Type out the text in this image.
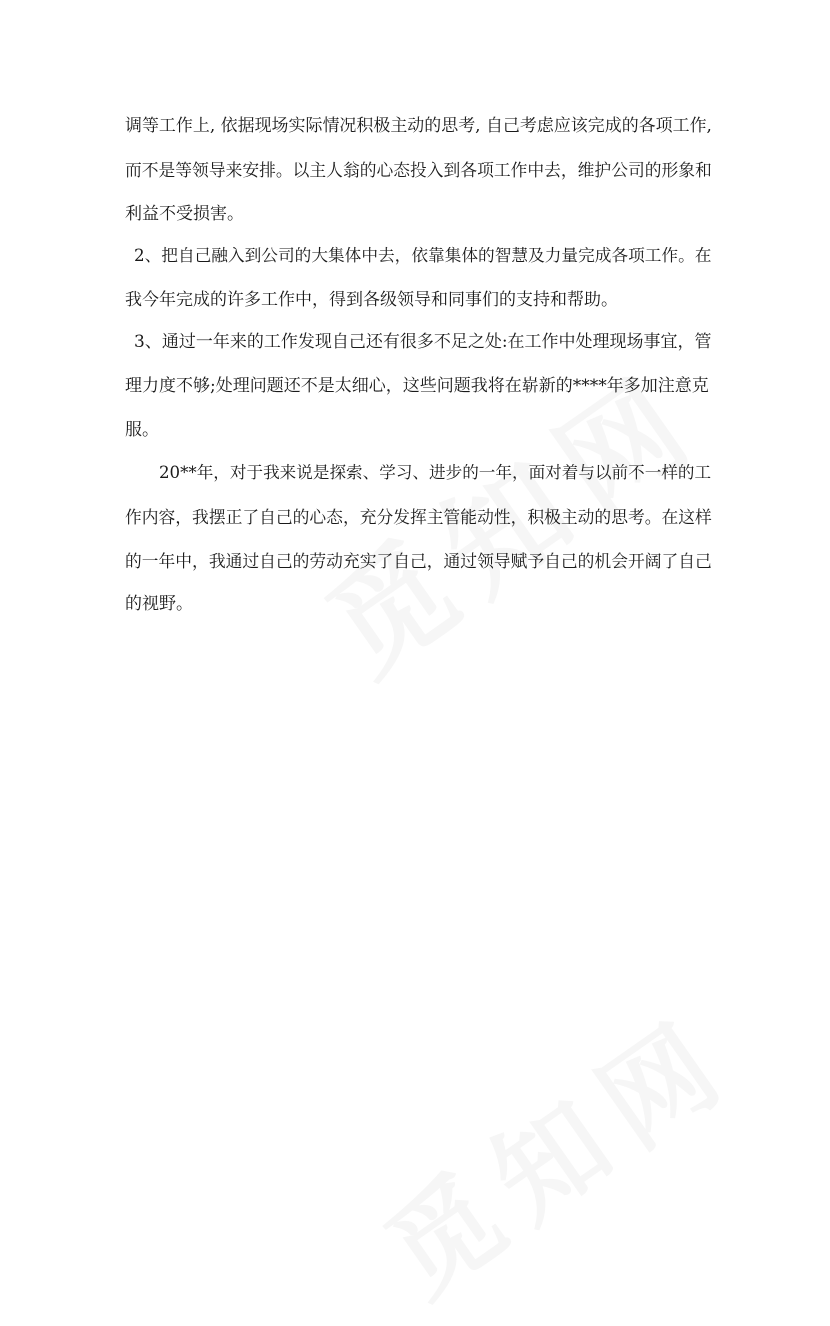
调等工作上, 依据现场实际情况积极主动的思考, 自己考虑应该完成的各项工作,
而不是等领导来安排。以主人翁的心态投入到各项工作中去，维护公司的形象和
利益不受损害。
2、把自己融入到公司的大集体中去，依靠集体的智慧及力量完成各项工作。在
我今年完成的许多工作中，得到各级领导和同事们的支持和帮助。
3、通过一年来的工作发现自己还有很多不足之处:在工作中处理现场事宜，管
理力度不够;处理问题还不是太细心，这些问题我将在崭新的****年多加注意克
服。
20**年，对于我来说是探索、学习、进步的一年，面对着与以前不一样的工
作内容，我摆正了自己的心态，充分发挥主管能动性，积极主动的思考。在这样
的一年中，我通过自己的劳动充实了自己，通过领导赋予自己的机会开阔了自己
的视野。
